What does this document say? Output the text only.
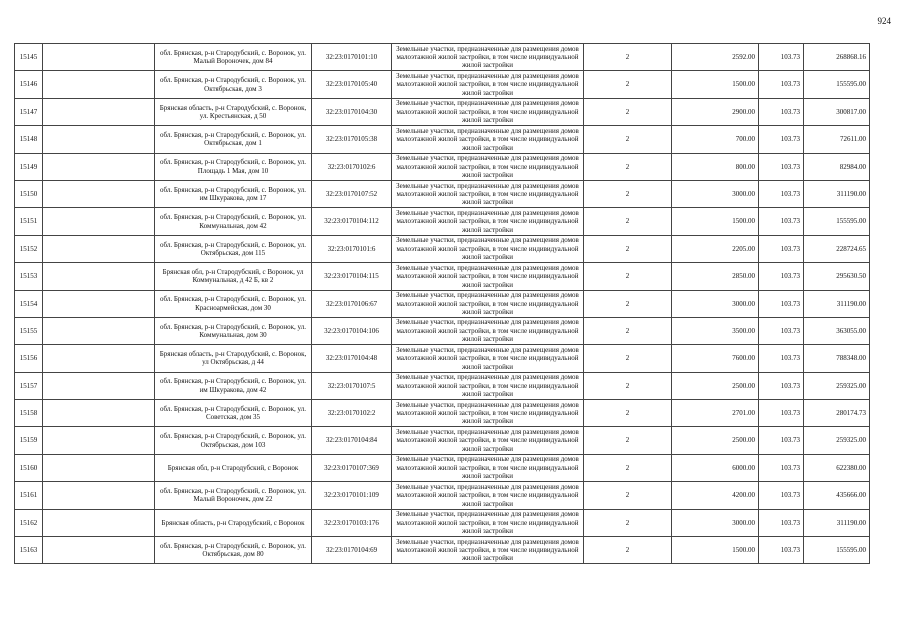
924
15145		обл. Брянская, р-н Стародубский, с. Воронок, ул. Малый Вороночек, дом 84	32:23:0170101:10	Земельные участки, предназначенные для размещения домов малоэтажной жилой застройки, в том числе индивидуальной жилой застройки	2	2592.00	103.73	268868.16
15146		обл. Брянская, р-н Стародубский, с. Воронок, ул. Октябрьская, дом 3	32:23:0170105:40	Земельные участки, предназначенные для размещения домов малоэтажной жилой застройки, в том числе индивидуальной жилой застройки	2	1500.00	103.73	155595.00
15147		Брянская область, р-н Стародубский, с. Воронок, ул. Крестьянская, д 50	32:23:0170104:30	Земельные участки, предназначенные для размещения домов малоэтажной жилой застройки, в том числе индивидуальной жилой застройки	2	2900.00	103.73	300817.00
15148		обл. Брянская, р-н Стародубский, с. Воронок, ул. Октябрьская, дом 1	32:23:0170105:38	Земельные участки, предназначенные для размещения домов малоэтажной жилой застройки, в том числе индивидуальной жилой застройки	2	700.00	103.73	72611.00
15149		обл. Брянская, р-н Стародубский, с. Воронок, ул. Площадь 1 Мая, дом 10	32:23:0170102:6	Земельные участки, предназначенные для размещения домов малоэтажной жилой застройки, в том числе индивидуальной жилой застройки	2	800.00	103.73	82984.00
15150		обл. Брянская, р-н Стародубский, с. Воронок, ул. им Шкуракова, дом 17	32:23:0170107:52	Земельные участки, предназначенные для размещения домов малоэтажной жилой застройки, в том числе индивидуальной жилой застройки	2	3000.00	103.73	311190.00
15151		обл. Брянская, р-н Стародубский, с. Воронок, ул. Коммунальная, дом 42	32:23:0170104:112	Земельные участки, предназначенные для размещения домов малоэтажной жилой застройки, в том числе индивидуальной жилой застройки	2	1500.00	103.73	155595.00
15152		обл. Брянская, р-н Стародубский, с. Воронок, ул. Октябрьская, дом 115	32:23:0170101:6	Земельные участки, предназначенные для размещения домов малоэтажной жилой застройки, в том числе индивидуальной жилой застройки	2	2205.00	103.73	228724.65
15153		Брянская обл, р-н Стародубский, с Воронок, ул Коммунальная, д 42 Б, кв 2	32:23:0170104:115	Земельные участки, предназначенные для размещения домов малоэтажной жилой застройки, в том числе индивидуальной жилой застройки	2	2850.00	103.73	295630.50
15154		обл. Брянская, р-н Стародубский, с. Воронок, ул. Красноармейская, дом 30	32:23:0170106:67	Земельные участки, предназначенные для размещения домов малоэтажной жилой застройки, в том числе индивидуальной жилой застройки	2	3000.00	103.73	311190.00
15155		обл. Брянская, р-н Стародубский, с. Воронок, ул. Коммунальная, дом 30	32:23:0170104:106	Земельные участки, предназначенные для размещения домов малоэтажной жилой застройки, в том числе индивидуальной жилой застройки	2	3500.00	103.73	363055.00
15156		Брянская область, р-н Стародубский, с. Воронок, ул Октябрьская, д 44	32:23:0170104:48	Земельные участки, предназначенные для размещения домов малоэтажной жилой застройки, в том числе индивидуальной жилой застройки	2	7600.00	103.73	788348.00
15157		обл. Брянская, р-н Стародубский, с. Воронок, ул. им Шкуракова, дом 42	32:23:0170107:5	Земельные участки, предназначенные для размещения домов малоэтажной жилой застройки, в том числе индивидуальной жилой застройки	2	2500.00	103.73	259325.00
15158		обл. Брянская, р-н Стародубский, с. Воронок, ул. Советская, дом 35	32:23:0170102:2	Земельные участки, предназначенные для размещения домов малоэтажной жилой застройки, в том числе индивидуальной жилой застройки	2	2701.00	103.73	280174.73
15159		обл. Брянская, р-н Стародубский, с. Воронок, ул. Октябрьская, дом 103	32:23:0170104:84	Земельные участки, предназначенные для размещения домов малоэтажной жилой застройки, в том числе индивидуальной жилой застройки	2	2500.00	103.73	259325.00
15160		Брянская обл, р-н Стародубский, с Воронок	32:23:0170107:369	Земельные участки, предназначенные для размещения домов малоэтажной жилой застройки, в том числе индивидуальной жилой застройки	2	6000.00	103.73	622380.00
15161		обл. Брянская, р-н Стародубский, с. Воронок, ул. Малый Вороночек, дом 22	32:23:0170101:109	Земельные участки, предназначенные для размещения домов малоэтажной жилой застройки, в том числе индивидуальной жилой застройки	2	4200.00	103.73	435666.00
15162		Брянская область, р-н Стародубский, с Воронок	32:23:0170103:176	Земельные участки, предназначенные для размещения домов малоэтажной жилой застройки, в том числе индивидуальной жилой застройки	2	3000.00	103.73	311190.00
15163		обл. Брянская, р-н Стародубский, с. Воронок, ул. Октябрьская, дом 80	32:23:0170104:69	Земельные участки, предназначенные для размещения домов малоэтажной жилой застройки, в том числе индивидуальной жилой застройки	2	1500.00	103.73	155595.00
